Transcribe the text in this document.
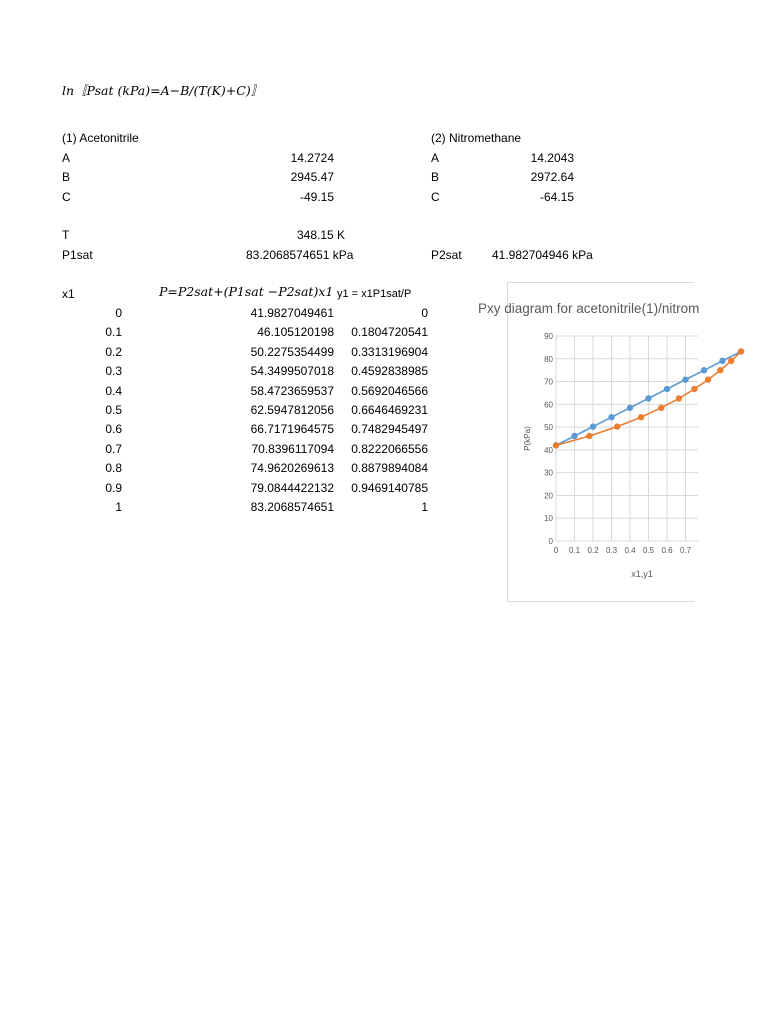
ln⁡〚Psat (kPa)=A−B/(T(K)+C)〛
(1) Acetonitrile
A	14.2724
B	2945.47
C	-49.15
(2) Nitromethane
A	14.2043
B	2972.64
C	-64.15
T	348.15 K
P1sat	83.2068574651 kPa	P2sat	41.982704946 kPa
x1	P=P2sat+(P1sat −P2sat)x1 y1 = x1P1sat/P
0	41.9827049461	0
0.1	46.105120198 0.1804720541
0.2	50.2275354499 0.3313196904
0.3	54.3499507018 0.4592838985
0.4	58.4723659537 0.5692046566
0.5	62.5947812056 0.6646469231
0.6	66.7171964575 0.7482945497
0.7	70.8396117094 0.8222066556
0.8	74.9620269613 0.8879894084
0.9	79.0844422132 0.9469140785
1	83.2068574651	1
Pxy diagram for acetonitrile(1)/nitrom
0
10
20
30
40
50
60
70
80
90
0 0.1 0.2 0.3 0.4 0.5 0.6 0.7
P(kPa)
x1,y1
